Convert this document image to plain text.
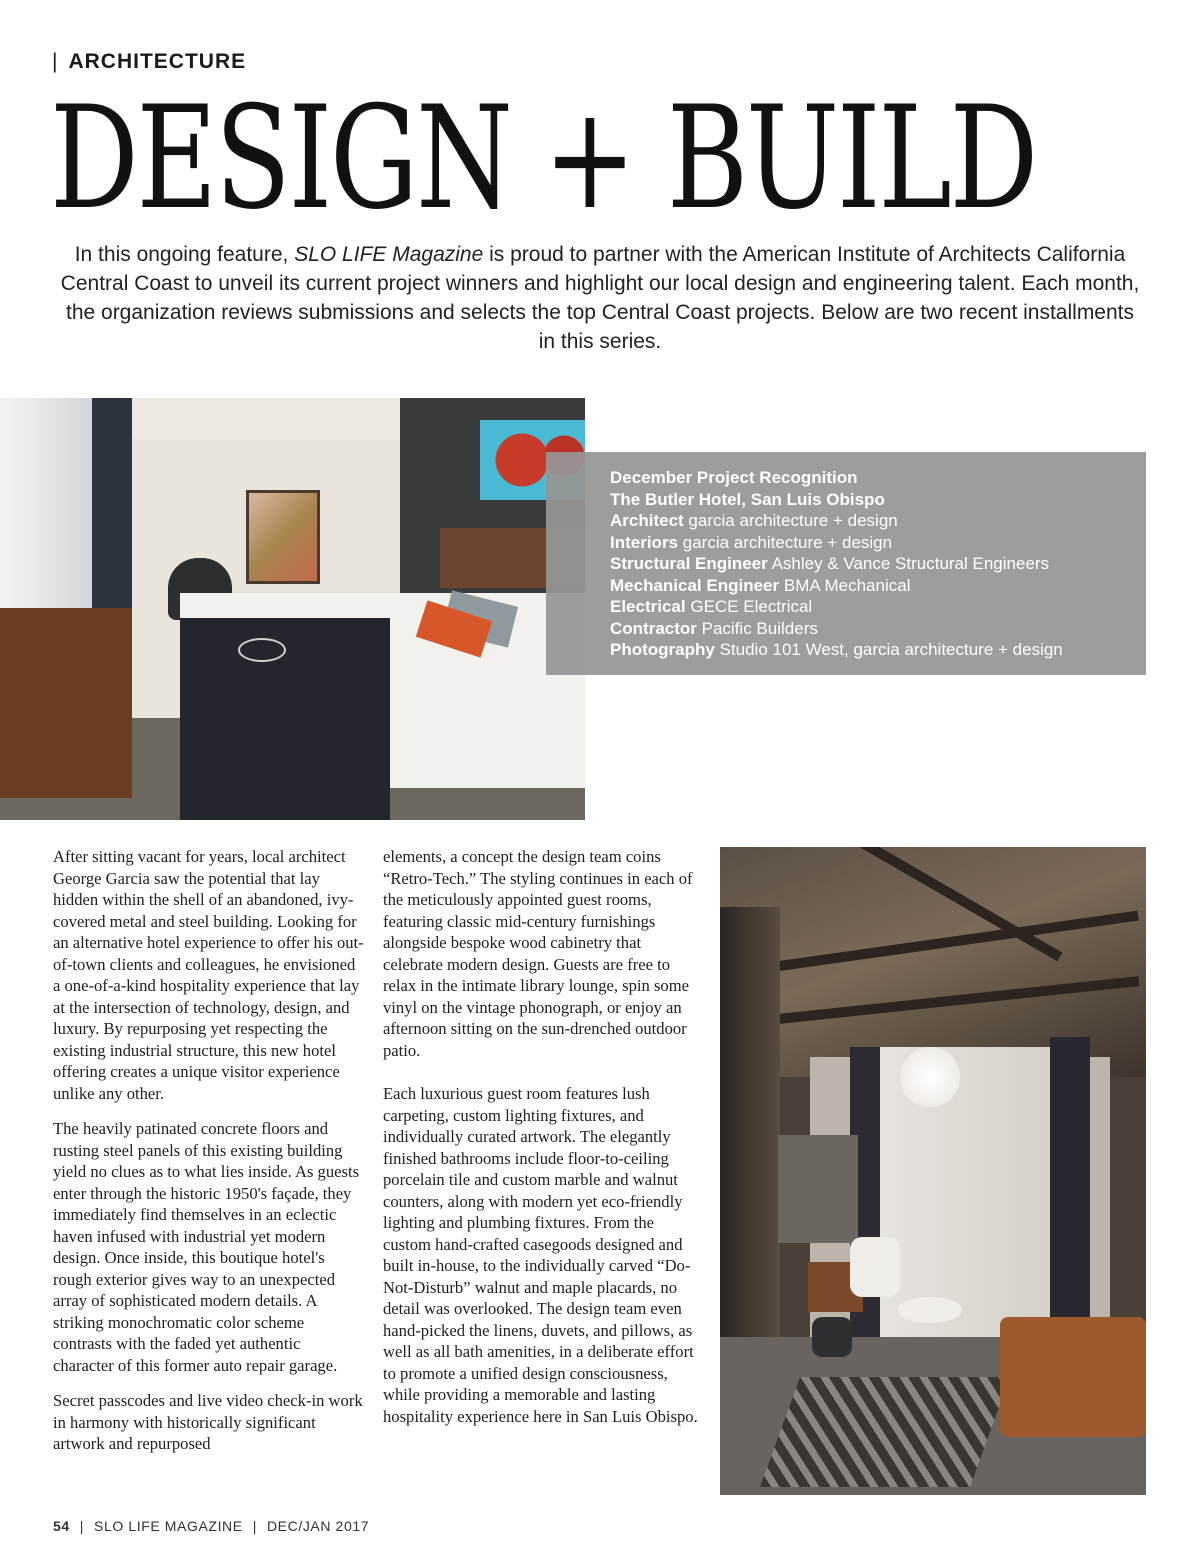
| ARCHITECTURE
DESIGN + BUILD
In this ongoing feature, SLO LIFE Magazine is proud to partner with the American Institute of Architects California Central Coast to unveil its current project winners and highlight our local design and engineering talent. Each month, the organization reviews submissions and selects the top Central Coast projects. Below are two recent installments in this series.
December Project Recognition
The Butler Hotel, San Luis Obispo
Architect garcia architecture + design
Interiors garcia architecture + design
Structural Engineer Ashley & Vance Structural Engineers
Mechanical Engineer BMA Mechanical
Electrical GECE Electrical
Contractor Pacific Builders
Photography Studio 101 West, garcia architecture + design

After sitting vacant for years, local architect George Garcia saw the potential that lay hidden within the shell of an abandoned, ivy-covered metal and steel building. Looking for an alternative hotel experience to offer his out-of-town clients and colleagues, he envisioned a one-of-a-kind hospitality experience that lay at the intersection of technology, design, and luxury. By repurposing yet respecting the existing industrial structure, this new hotel offering creates a unique visitor experience unlike any other.

The heavily patinated concrete floors and rusting steel panels of this existing building yield no clues as to what lies inside. As guests enter through the historic 1950's façade, they immediately find themselves in an eclectic haven infused with industrial yet modern design. Once inside, this boutique hotel's rough exterior gives way to an unexpected array of sophisticated modern details. A striking monochromatic color scheme contrasts with the faded yet authentic character of this former auto repair garage.

Secret passcodes and live video check-in work in harmony with historically significant artwork and repurposed

elements, a concept the design team coins “Retro-Tech.” The styling continues in each of the meticulously appointed guest rooms, featuring classic mid-century furnishings alongside bespoke wood cabinetry that celebrate modern design. Guests are free to relax in the intimate library lounge, spin some vinyl on the vintage phonograph, or enjoy an afternoon sitting on the sun-drenched outdoor patio.

Each luxurious guest room features lush carpeting, custom lighting fixtures, and individually curated artwork. The elegantly finished bathrooms include floor-to-ceiling porcelain tile and custom marble and walnut counters, along with modern yet eco-friendly lighting and plumbing fixtures. From the custom hand-crafted casegoods designed and built in-house, to the individually carved “Do-Not-Disturb” walnut and maple placards, no detail was overlooked. The design team even hand-picked the linens, duvets, and pillows, as well as all bath amenities, in a deliberate effort to promote a unified design consciousness, while providing a memorable and lasting hospitality experience here in San Luis Obispo.

54 | SLO LIFE MAGAZINE | DEC/JAN 2017
